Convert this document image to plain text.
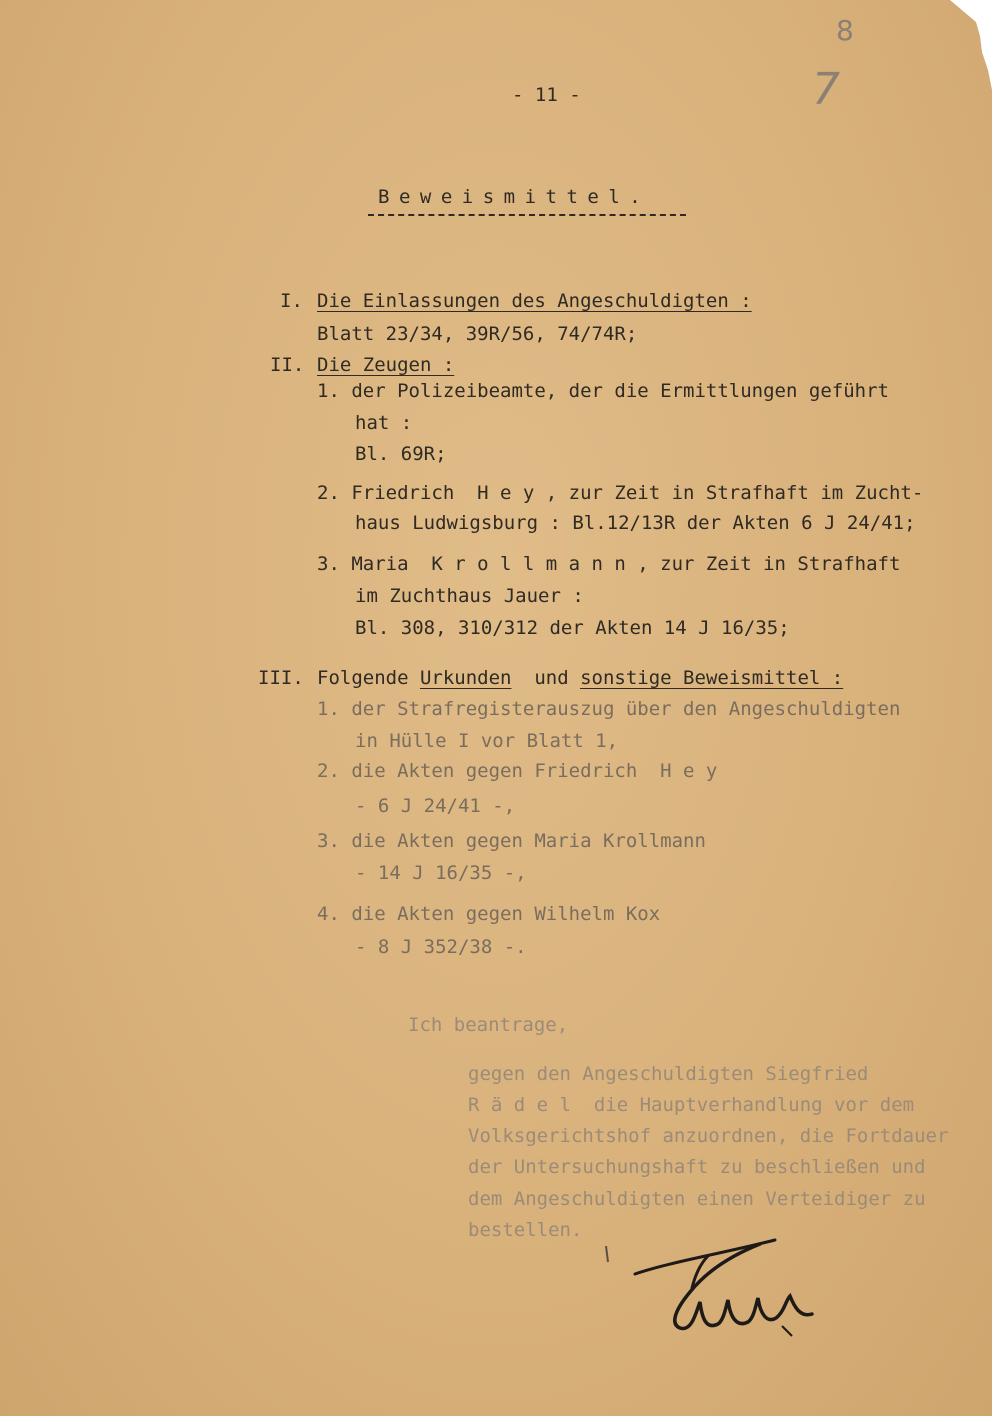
8
7
- 11 -
Beweismittel.
I. Die Einlassungen des Angeschuldigten :
Blatt 23/34, 39R/56, 74/74R;
II. Die Zeugen :
1. der Polizeibeamte, der die Ermittlungen geführt
hat :
Bl. 69R;
2. Friedrich  H e y , zur Zeit in Strafhaft im Zucht-
haus Ludwigsburg : Bl.12/13R der Akten 6 J 24/41;
3. Maria  K r o l l m a n n , zur Zeit in Strafhaft
im Zuchthaus Jauer :
Bl. 308, 310/312 der Akten 14 J 16/35;
III. Folgende Urkunden  und sonstige Beweismittel :
1. der Strafregisterauszug über den Angeschuldigten
in Hülle I vor Blatt 1,
2. die Akten gegen Friedrich  H e y
- 6 J 24/41 -,
3. die Akten gegen Maria Krollmann
- 14 J 16/35 -,
4. die Akten gegen Wilhelm Kox
- 8 J 352/38 -.
Ich beantrage,
gegen den Angeschuldigten Siegfried
R ä d e l  die Hauptverhandlung vor dem
Volksgerichtshof anzuordnen, die Fortdauer
der Untersuchungshaft zu beschließen und
dem Angeschuldigten einen Verteidiger zu
bestellen.
